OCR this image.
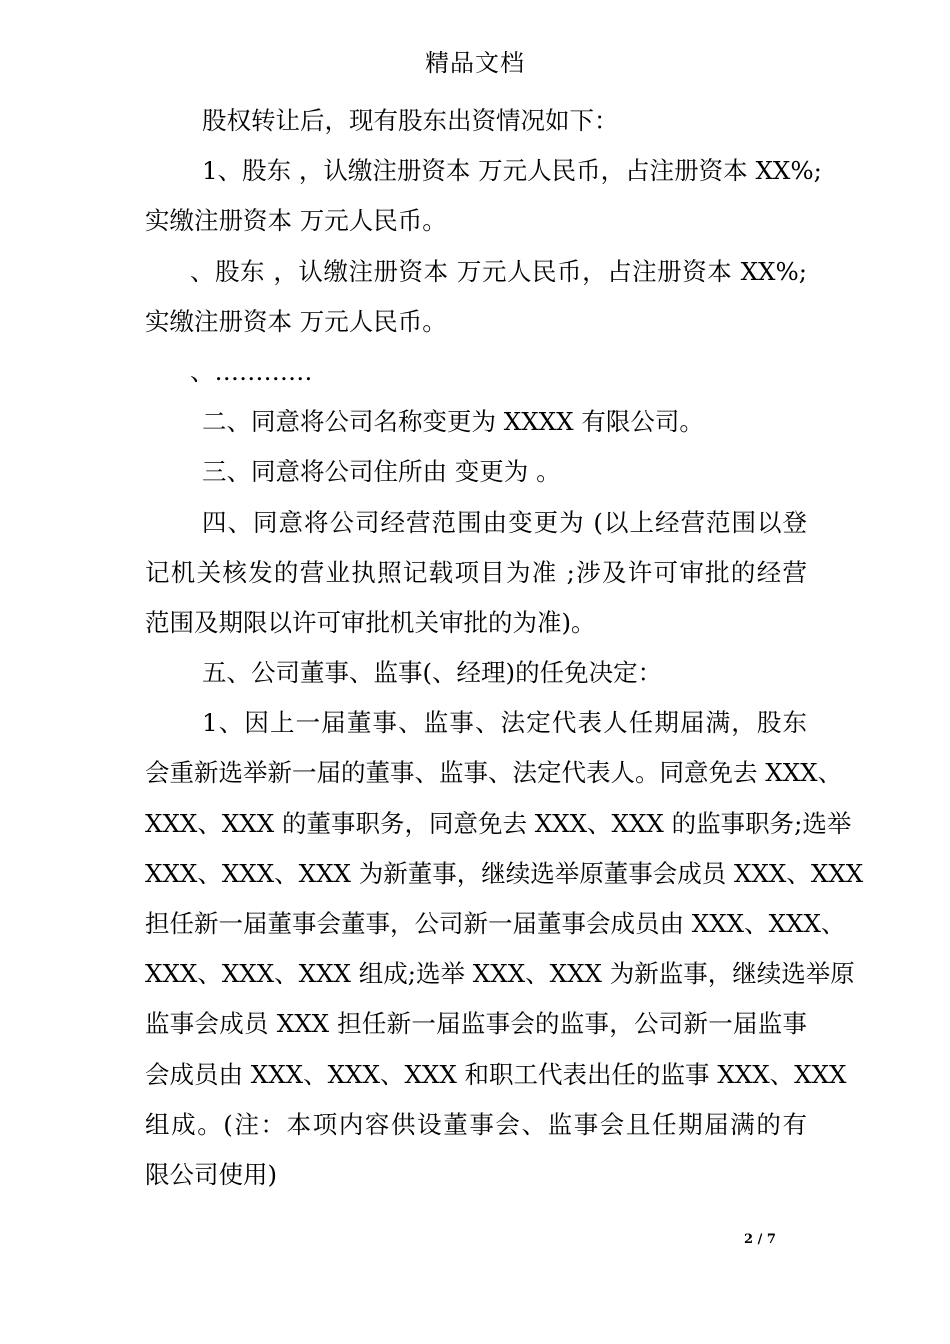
精品文档
股权转让后，现有股东出资情况如下：
1、股东 ，认缴注册资本 万元人民币，占注册资本 XX%;
实缴注册资本 万元人民币。
、股东 ，认缴注册资本 万元人民币，占注册资本 XX%;
实缴注册资本 万元人民币。
、…………
二、同意将公司名称变更为 XXXX 有限公司。
三、同意将公司住所由 变更为 。
四、同意将公司经营范围由变更为 (以上经营范围以登
记机关核发的营业执照记载项目为准 ;涉及许可审批的经营
范围及期限以许可审批机关审批的为准)。
五、公司董事、监事(、经理)的任免决定：
1、因上一届董事、监事、法定代表人任期届满，股东
会重新选举新一届的董事、监事、法定代表人。同意免去 XXX、
XXX、XXX 的董事职务，同意免去 XXX、XXX 的监事职务;选举
XXX、XXX、XXX 为新董事，继续选举原董事会成员 XXX、XXX
担任新一届董事会董事，公司新一届董事会成员由 XXX、XXX、
XXX、XXX、XXX 组成;选举 XXX、XXX 为新监事，继续选举原
监事会成员 XXX 担任新一届监事会的监事，公司新一届监事
会成员由 XXX、XXX、XXX 和职工代表出任的监事 XXX、XXX
组成。(注：本项内容供设董事会、监事会且任期届满的有
限公司使用)
2 / 7
